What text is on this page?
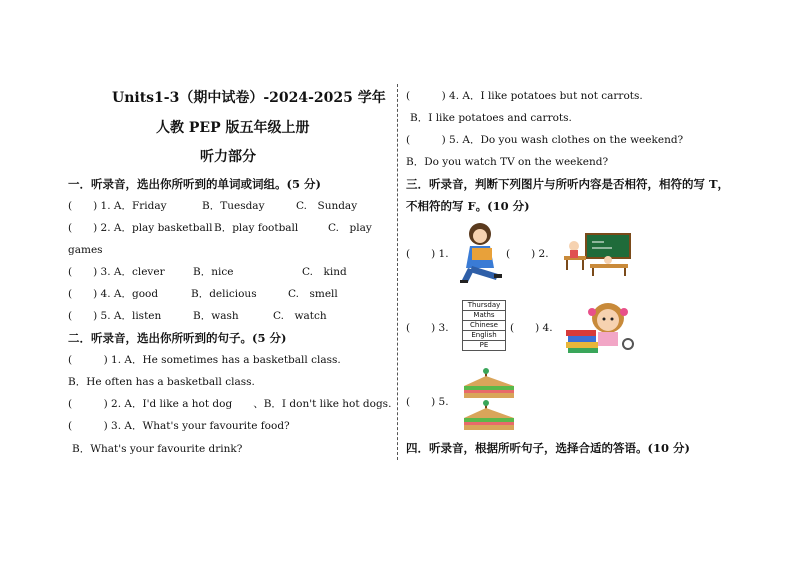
Units1-3（期中试卷）-2024-2025 学年
人教 PEP 版五年级上册
听力部分
一．听录音，选出你所听到的单词或词组。(5 分)
(　　) 1. A．Friday	B．Tuesday	C.　Sunday
(　　) 2. A．play basketball B．play football	C.　play
games
(　　) 3. A．clever	B．nice	C.　kind
(　　) 4. A．good	B．delicious	C.　smell
(　　) 5. A．listen	B．wash	C.　watch
二．听录音，选出你所听到的句子。(5 分)
(　　　) 1. A．He sometimes has a basketball class.
B．He often has a basketball class.
(　　　) 2. A．I'd like a hot dog　　、B．I don't like hot dogs.
(　　　) 3. A．What's your favourite food?
B．What's your favourite drink?
(　　　) 4. A．I like potatoes but not carrots.
B．I like potatoes and carrots.
(　　　) 5. A．Do you wash clothes on the weekend?
B．Do you watch TV on the weekend?
三．听录音，判断下列图片与所听内容是否相符，相符的写 T，
不相符的写 F。(10 分)
(　　) 1.	(　　) 2.
(　　) 3.	(　　) 4.
(　　) 5.
Thursday
Maths
Chinese
English
PE
四．听录音，根据所听句子，选择合适的答语。(10 分)
